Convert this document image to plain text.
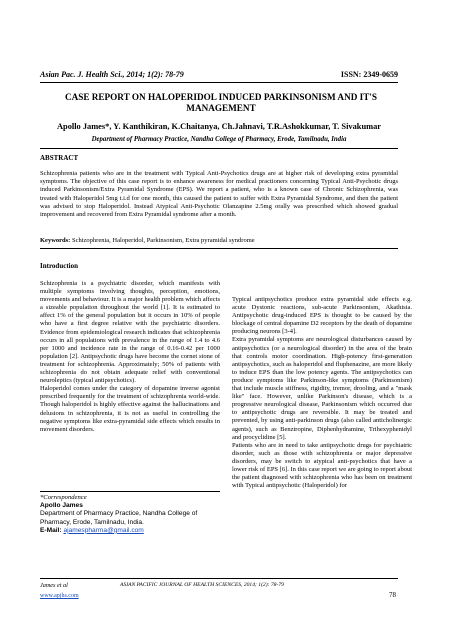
Asian Pac. J. Health Sci., 2014; 1(2): 78-79	ISSN: 2349-0659
CASE REPORT ON HALOPERIDOL INDUCED PARKINSONISM AND IT'S MANAGEMENT
Apollo James*, Y. Kanthikiran, K.Chaitanya, Ch.Jahnavi, T.R.Ashokkumar, T. Sivakumar
Department of Pharmacy Practice, Nandha College of Pharmacy, Erode, Tamilnadu, India
ABSTRACT
Schizophrenia patients who are in the treatment with Typical Anti-Psychotics drugs are at higher risk of developing extra pyramidal symptoms. The objective of this case report is to enhance awareness for medical practioners concerning Typical Anti-Psychotic drugs induced Parkinsonism/Extra Pyramidal Syndrome (EPS). We report a patient, who is a known case of Chronic Schizophrenia, was treated with Haloperidol 5mg t.i.d for one month, this caused the patient to suffer with Extra Pyramidal Syndrome, and then the patient was advised to stop Haloperidol. Instead Atypical Anti-Psychotic Olanzapine 2.5mg orally was prescribed which showed gradual improvement and recovered from Extra Pyramidal syndrome after a month.
Keywords: Schizophrenia, Haloperidol, Parkinsonism, Extra pyramidal syndrome
Introduction

Schizophrenia is a psychiatric disorder, which manifests with multiple symptoms involving thoughts, perception, emotions, movements and behaviour. It is a major health problem which affects a sizeable population throughout the world [1]. It is estimated to affect 1% of the general population but it occurs in 10% of people who have a first degree relative with the psychiatric disorders. Evidence from epidemiological research indicates that schizophrenia occurs in all populations with prevalence in the range of 1.4 to 4.6 per 1000 and incidence rate in the range of 0.16-0.42 per 1000 population [2]. Antipsychotic drugs have become the cornet stone of treatment for schizophrenia. Approximately; 50% of patients with schizophrenia do not obtain adequate relief with conventional neuroleptics (typical antipsychotics).

Haloperidol comes under the category of dopamine inverse agonist prescribed frequently for the treatment of schizophrenia world-wide. Though haloperidol is highly effective against the hallucinations and delusions in schizophrenia, it is not as useful in controlling the negative symptoms like extra-pyramidal side effects which results in movement disorders.

Typical antipsychotics produce extra pyramidal side effects e.g. acute Dystonic reactions, sub-acute Parkinsonism, Akathisia. Antipsychotic drug-induced EPS is thought to be caused by the blockage of central dopamine D2 receptors by the death of dopamine producing neurons [3-4].

Extra pyramidal symptoms are neurological disturbances caused by antipsychotics (or a neurological disorder) in the area of the brain that controls motor coordination. High-potency first-generation antipsychotics, such as haloperidol and fluphenazine, are more likely to induce EPS than the low potency agents. The antipsychotics can produce symptoms like Parkinson-like symptoms (Parkinsonism) that include muscle stiffness, rigidity, tremor, drooling, and a "mask like" face. However, unlike Parkinson's disease, which is a progressive neurological disease, Parkinsonism which occurred due to antipsychotic drugs are reversible. It may be treated and prevented, by using anti-parkinson drugs (also called anticholinergic agents), such as Benztropine, Diphenhydramine, Trihexyphenidyl and procyclidine [5].

Patients who are in need to take antipsychotic drugs for psychiatric disorder, such as those with schizophrenia or major depressive disorders, may be switch to atypical anti-psychotics that have a lower risk of EPS [6]. In this case report we are going to report about the patient diagnosed with schizophrenia who has been on treatment with Typical antipsychotic (Haloperidol) for

*Correspondence
Apollo James
Department of Pharmacy Practice, Nandha College of Pharmacy, Erode, Tamilnadu, India.
E-Mail: ajamespharma@gmail.com
James et al	ASIAN PACIFIC JOURNAL OF HEALTH SCIENCES, 2014; 1(2): 78-79
www.apjhs.com	78
